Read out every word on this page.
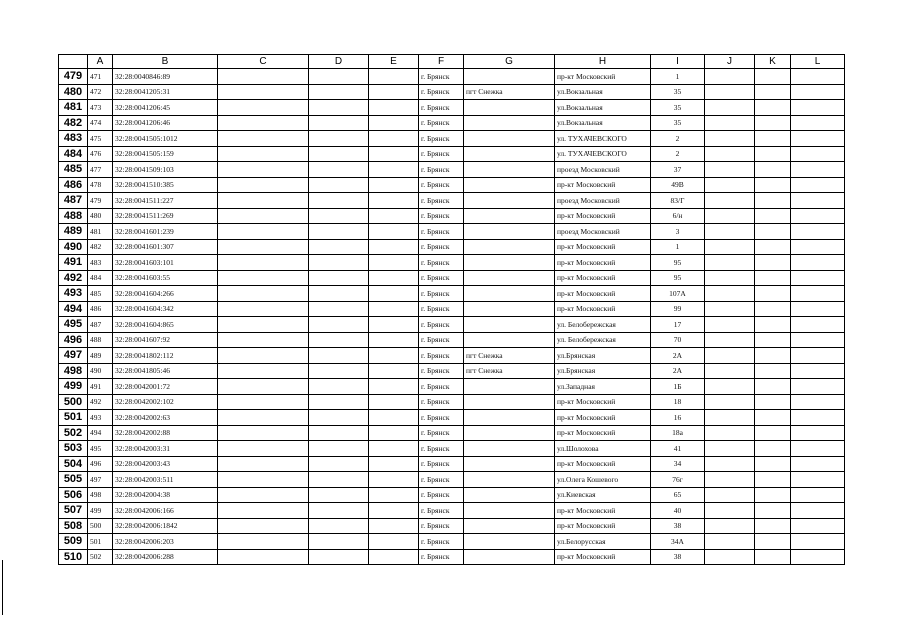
	A	B	C	D	E	F	G	H	I	J	K	L
479	471	32:28:0040846:89				г. Брянск		пр-кт Московский	1			
480	472	32:28:0041205:31				г. Брянск	пгт Снежка	ул.Вокзальная	35			
481	473	32:28:0041206:45				г. Брянск		ул.Вокзальная	35			
482	474	32:28:0041206:46				г. Брянск		ул.Вокзальная	35			
483	475	32:28:0041505:1012				г. Брянск		ул. ТУХАЧЕВСКОГО	2			
484	476	32:28:0041505:159				г. Брянск		ул. ТУХАЧЕВСКОГО	2			
485	477	32:28:0041509:103				г. Брянск		проезд Московский	37			
486	478	32:28:0041510:385				г. Брянск		пр-кт Московский	49В			
487	479	32:28:0041511:227				г. Брянск		проезд Московский	83/Г			
488	480	32:28:0041511:269				г. Брянск		пр-кт Московский	6/н			
489	481	32:28:0041601:239				г. Брянск		проезд Московский	3			
490	482	32:28:0041601:307				г. Брянск		пр-кт Московский	1			
491	483	32:28:0041603:101				г. Брянск		пр-кт Московский	95			
492	484	32:28:0041603:55				г. Брянск		пр-кт Московский	95			
493	485	32:28:0041604:266				г. Брянск		пр-кт Московский	107А			
494	486	32:28:0041604:342				г. Брянск		пр-кт Московский	99			
495	487	32:28:0041604:865				г. Брянск		ул. Белобережская	17			
496	488	32:28:0041607:92				г. Брянск		ул. Белобережская	70			
497	489	32:28:0041802:112				г. Брянск	пгт Снежка	ул.Брянская	2А			
498	490	32:28:0041805:46				г. Брянск	пгт Снежка	ул.Брянская	2А			
499	491	32:28:0042001:72				г. Брянск		ул.Западная	1Б			
500	492	32:28:0042002:102				г. Брянск		пр-кт Московский	18			
501	493	32:28:0042002:63				г. Брянск		пр-кт Московский	16			
502	494	32:28:0042002:88				г. Брянск		пр-кт Московский	18а			
503	495	32:28:0042003:31				г. Брянск		ул.Шолохова	41			
504	496	32:28:0042003:43				г. Брянск		пр-кт Московский	34			
505	497	32:28:0042003:511				г. Брянск		ул.Олега Кошевого	76г			
506	498	32:28:0042004:38				г. Брянск		ул.Киевская	65			
507	499	32:28:0042006:166				г. Брянск		пр-кт Московский	40			
508	500	32:28:0042006:1842				г. Брянск		пр-кт Московский	38			
509	501	32:28:0042006:203				г. Брянск		ул.Белорусская	34А			
510	502	32:28:0042006:288				г. Брянск		пр-кт Московский	38			
